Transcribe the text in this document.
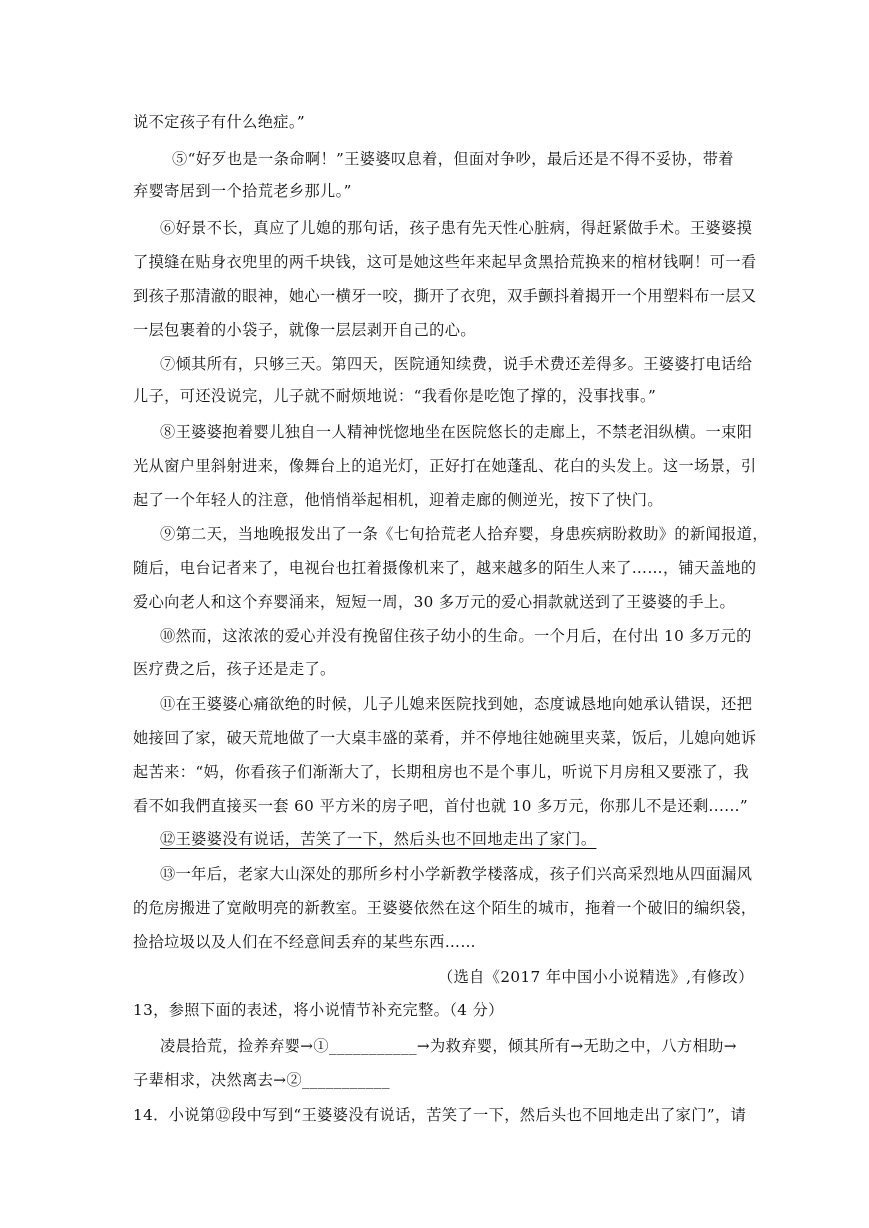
说不定孩子有什么绝症。”
⑤“好歹也是一条命啊！”王婆婆叹息着，但面对争吵，最后还是不得不妥协，带着
弃婴寄居到一个拾荒老乡那儿。”
⑥好景不长，真应了儿媳的那句话，孩子患有先天性心脏病，得赶紧做手术。王婆婆摸
了摸缝在贴身衣兜里的两千块钱，这可是她这些年来起早贪黑拾荒换来的棺材钱啊！可一看
到孩子那清澈的眼神，她心一横牙一咬，撕开了衣兜，双手颤抖着揭开一个用塑料布一层又
一层包裹着的小袋子，就像一层层剥开自己的心。
⑦倾其所有，只够三天。第四天，医院通知续费，说手术费还差得多。王婆婆打电话给
儿子，可还没说完，儿子就不耐烦地说：“我看你是吃饱了撑的，没事找事。”
⑧王婆婆抱着婴儿独自一人精神恍惚地坐在医院悠长的走廊上，不禁老泪纵横。一束阳
光从窗户里斜射进来，像舞台上的追光灯，正好打在她蓬乱、花白的头发上。这一场景，引
起了一个年轻人的注意，他悄悄举起相机，迎着走廊的侧逆光，按下了快门。
⑨第二天，当地晚报发出了一条《七旬拾荒老人拾弃婴，身患疾病盼救助》的新闻报道，
随后，电台记者来了，电视台也扛着摄像机来了，越来越多的陌生人来了……，铺天盖地的
爱心向老人和这个弃婴涌来，短短一周，30 多万元的爱心捐款就送到了王婆婆的手上。
⑩然而，这浓浓的爱心并没有挽留住孩子幼小的生命。一个月后，在付出 10 多万元的
医疗费之后，孩子还是走了。
⑪在王婆婆心痛欲绝的时候，儿子儿媳来医院找到她，态度诚恳地向她承认错误，还把
她接回了家，破天荒地做了一大桌丰盛的菜肴，并不停地往她碗里夹菜，饭后，儿媳向她诉
起苦来：“妈，你看孩子们渐渐大了，长期租房也不是个事儿，听说下月房租又要涨了，我
看不如我們直接买一套 60 平方米的房子吧，首付也就 10 多万元，你那儿不是还剩......”
⑫王婆婆没有说话，苦笑了一下，然后头也不回地走出了家门。
⑬一年后，老家大山深处的那所乡村小学新教学楼落成，孩子们兴高采烈地从四面漏风
的危房搬进了宽敞明亮的新教室。王婆婆依然在这个陌生的城市，拖着一个破旧的编织袋，
捡拾垃圾以及人们在不经意间丢弃的某些东西……
（选自《2017 年中国小小说精选》,有修改）
13，参照下面的表述，将小说情节补充完整。（4 分）
凌晨拾荒，捡养弃婴→①___________→为救弃婴，倾其所有→无助之中，八方相助→
子辈相求，决然离去→②___________
14．小说第⑫段中写到“王婆婆没有说话，苦笑了一下，然后头也不回地走出了家门”，请
